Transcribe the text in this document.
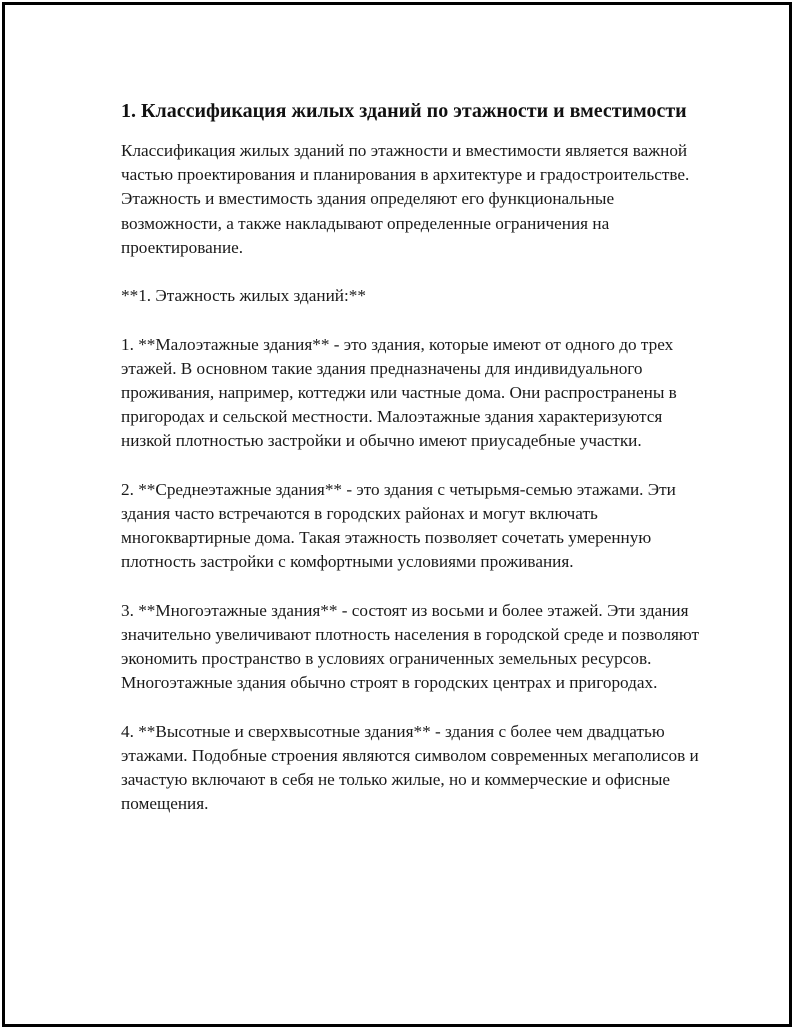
1. Классификация жилых зданий по этажности и вместимости

Классификация жилых зданий по этажности и вместимости является важной частью проектирования и планирования в архитектуре и градостроительстве. Этажность и вместимость здания определяют его функциональные возможности, а также накладывают определенные ограничения на проектирование.

**1. Этажность жилых зданий:**

1. **Малоэтажные здания** - это здания, которые имеют от одного до трех этажей. В основном такие здания предназначены для индивидуального проживания, например, коттеджи или частные дома. Они распространены в пригородах и сельской местности. Малоэтажные здания характеризуются низкой плотностью застройки и обычно имеют приусадебные участки.

2. **Среднеэтажные здания** - это здания с четырьмя-семью этажами. Эти здания часто встречаются в городских районах и могут включать многоквартирные дома. Такая этажность позволяет сочетать умеренную плотность застройки с комфортными условиями проживания.

3. **Многоэтажные здания** - состоят из восьми и более этажей. Эти здания значительно увеличивают плотность населения в городской среде и позволяют экономить пространство в условиях ограниченных земельных ресурсов. Многоэтажные здания обычно строят в городских центрах и пригородах.

4. **Высотные и сверхвысотные здания** - здания с более чем двадцатью этажами. Подобные строения являются символом современных мегаполисов и зачастую включают в себя не только жилые, но и коммерческие и офисные помещения.
